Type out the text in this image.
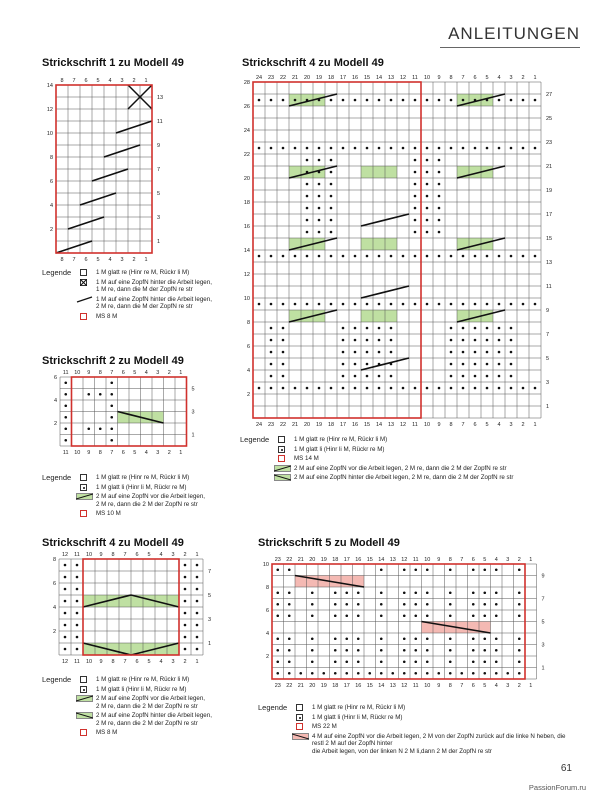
ANLEITUNGEN
Strickschrift 1 zu Modell 49
8
8
7
7
6
6
5
5
4
4
3
3
2
2
1
1
2
4
6
8
10
12
14
1
3
5
7
9
11
13
Legende	1 M glatt re (Hinr re M, Rückr li M)
1 M auf eine ZopfN hinter die Arbeit legen,
1 M re, dann die M der ZopfN re str
1 M auf eine ZopfN hinter die Arbeit legen,
2 M re, dann die M der ZopfN re str
MS 8 M
Strickschrift 2 zu Modell 49
11
11
10
10
9
9
8
8
7
7
6
6
5
5
4
4
3
3
2
2
1
1
2
4
6
1
3
5
Legende	1 M glatt re (Hinr re M, Rückr li M)
1 M glatt li (Hinr li M, Rückr re M)
2 M auf eine ZopfN vor die Arbeit legen,
2 M re, dann die 2 M der ZopfN re str
MS 10 M
Strickschrift 4 zu Modell 49
24
24
23
23
22
22
21
21
20
20
19
19
18
18
17
17
16
16
15
15
14
14
13
13
12
12
11
11
10
10
9
9
8
8
7
7
6
6
5
5
4
4
3
3
2
2
1
1
2
4
6
8
10
12
14
16
18
20
22
24
26
28
1
3
5
7
9
11
13
15
17
19
21
23
25
27
Legende	1 M glatt re (Hinr re M, Rückr li M)
1 M glatt li (Hinr li M, Rückr re M)
MS 14 M
2 M auf eine ZopfN vor die Arbeit legen, 2 M re, dann die 2 M der ZopfN re str
2 M auf eine ZopfN hinter die Arbeit legen, 2 M re, dann die 2 M der ZopfN re str
Strickschrift 4 zu Modell 49
12
12
11
11
10
10
9
9
8
8
7
7
6
6
5
5
4
4
3
3
2
2
1
1
2
4
6
8
1
3
5
7
Legende	1 M glatt re (Hinr re M, Rückr li M)
1 M glatt li (Hinr li M, Rückr re M)
2 M auf eine ZopfN vor die Arbeit legen,
2 M re, dann die 2 M der ZopfN re str
2 M auf eine ZopfN hinter die Arbeit legen,
2 M re, dann die 2 M der ZopfN re str
MS 8 M
Strickschrift 5 zu Modell 49
23
23
22
22
21
21
20
20
19
19
18
18
17
17
16
16
15
15
14
14
13
13
12
12
11
11
10
10
9
9
8
8
7
7
6
6
5
5
4
4
3
3
2
2
1
1
2
4
6
8
10
1
3
5
7
9
Legende	1 M glatt re (Hinr re M, Rückr li M)
1 M glatt li (Hinr li M, Rückr re M)
MS 22 M
4 M auf eine ZopfN vor die Arbeit legen, 2 M von der ZopfN zurück auf die linke N heben, die restl 2 M auf der ZopfN hinter
die Arbeit legen, von der linken N 2 M li,dann 2 M der ZopfN re str
61
PassionForum.ru
